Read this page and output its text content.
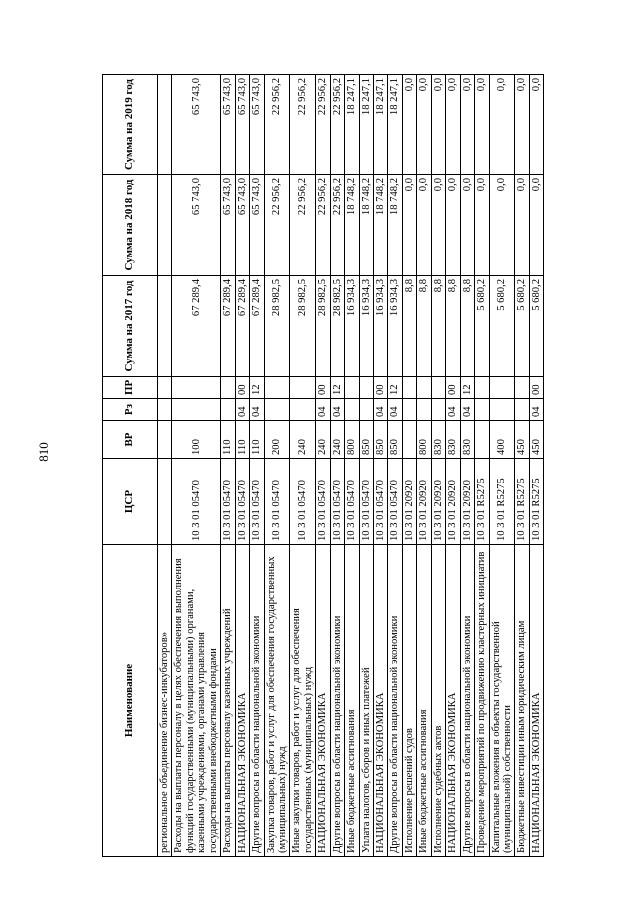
810
Наименование	ЦСР	ВР	Рз	ПР	Сумма на 2017 год	Сумма на 2018 год	Сумма на 2019 год
региональное объединение бизнес-инкубаторов»							
Расходы на выплаты персоналу в целях обеспечения выполнения функций государственными (муниципальными) органами, казенными учреждениями, органами управления государственными внебюджетными фондами	10 3 01 05470	100			67 289,4	65 743,0	65 743,0
Расходы на выплаты персоналу казенных учреждений	10 3 01 05470	110			67 289,4	65 743,0	65 743,0
НАЦИОНАЛЬНАЯ ЭКОНОМИКА	10 3 01 05470	110	04	00	67 289,4	65 743,0	65 743,0
Другие вопросы в области национальной экономики	10 3 01 05470	110	04	12	67 289,4	65 743,0	65 743,0
Закупка товаров, работ и услуг для обеспечения государственных (муниципальных) нужд	10 3 01 05470	200			28 982,5	22 956,2	22 956,2
Иные закупки товаров, работ и услуг для обеспечения государственных (муниципальных) нужд	10 3 01 05470	240			28 982,5	22 956,2	22 956,2
НАЦИОНАЛЬНАЯ ЭКОНОМИКА	10 3 01 05470	240	04	00	28 982,5	22 956,2	22 956,2
Другие вопросы в области национальной экономики	10 3 01 05470	240	04	12	28 982,5	22 956,2	22 956,2
Иные бюджетные ассигнования	10 3 01 05470	800			16 934,3	18 748,2	18 247,1
Уплата налогов, сборов и иных платежей	10 3 01 05470	850			16 934,3	18 748,2	18 247,1
НАЦИОНАЛЬНАЯ ЭКОНОМИКА	10 3 01 05470	850	04	00	16 934,3	18 748,2	18 247,1
Другие вопросы в области национальной экономики	10 3 01 05470	850	04	12	16 934,3	18 748,2	18 247,1
Исполнение решений судов	10 3 01 20920				8,8	0,0	0,0
Иные бюджетные ассигнования	10 3 01 20920	800			8,8	0,0	0,0
Исполнение судебных актов	10 3 01 20920	830			8,8	0,0	0,0
НАЦИОНАЛЬНАЯ ЭКОНОМИКА	10 3 01 20920	830	04	00	8,8	0,0	0,0
Другие вопросы в области национальной экономики	10 3 01 20920	830	04	12	8,8	0,0	0,0
Проведение мероприятий по продвижению кластерных инициатив	10 3 01 R5275				5 680,2	0,0	0,0
Капитальные вложения в объекты государственной (муниципальной) собственности	10 3 01 R5275	400			5 680,2	0,0	0,0
Бюджетные инвестиции иным юридическим лицам	10 3 01 R5275	450			5 680,2	0,0	0,0
НАЦИОНАЛЬНАЯ ЭКОНОМИКА	10 3 01 R5275	450	04	00	5 680,2	0,0	0,0
